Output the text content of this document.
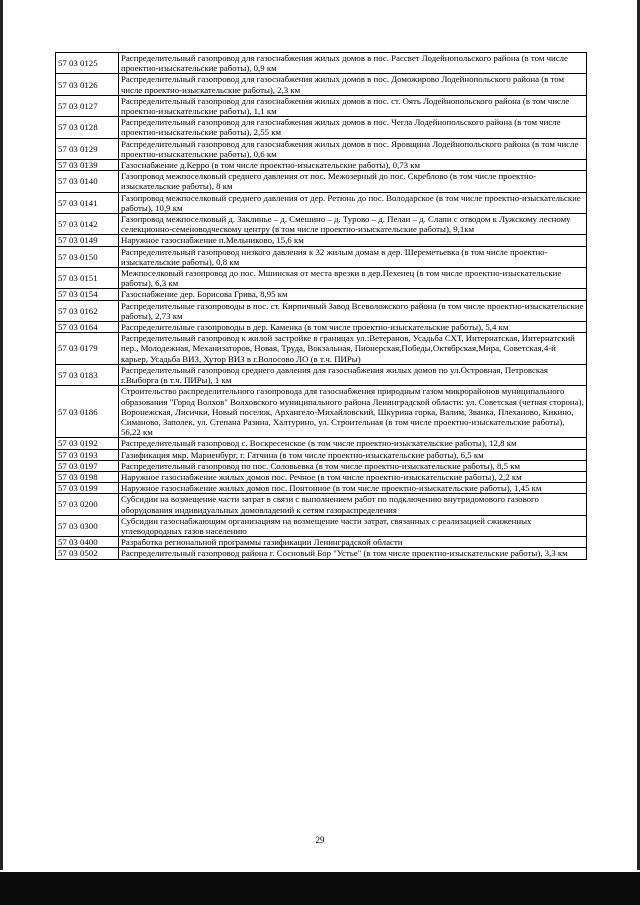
57 03 0125	Распределительный газопровод для газоснабжения жилых домов в пос. Рассвет Лодейнопольского района (в том числе проектно-изыскательские работы), 0,9 км
57 03 0126	Распределительный газопровод для газоснабжения жилых домов в пос. Доможирово Лодейнопольского района (в том числе проектно-изыскательские работы), 2,3 км
57 03 0127	Распределительный газопровод для газоснабжения жилых домов в пос. ст. Оять Лодейнопольского района (в том числе проектно-изыскательские работы), 1,1 км
57 03 0128	Распределительный газопровод для газоснабжения жилых домов в пос. Чегла Лодейнопольского района (в том числе проектно-изыскательские работы), 2,55 км
57 03 0129	Распределительный газопровод для газоснабжения жилых домов в пос. Яровщина Лодейнопольского района (в том числе проектно-изыскательские работы), 0,6 км
57 03 0139	Газоснабжение д.Керро (в том числе проектно-изыскательские работы), 0,73 км
57 03 0140	Газопровод межпоселковый среднего давления от пос. Межозерный до пос. Скреблово (в том числе проектно-изыскательские работы), 8 км
57 03 0141	Газопровод межпоселковый среднего давления от дер. Ретюнь до пос. Володарское (в том числе проектно-изыскательские работы), 10,9 км
57 03 0142	Газопровод межпоселковый д. Заклинье – д. Смешино – д. Турово – д. Пелаи – д. Слапи с отводом к Лужскому лесному селекционно-семеноводческому центру (в том числе проектно-изыскательские работы), 9,1км
57 03 0149	Наружное газоснабжение п.Мельниково, 15,6 км
57 03 0150	Распределительный газопровод низкого давления к 32 жилым домам в дер. Шереметьевка (в том числе проектно-изыскательские работы), 0,8 км
57 03 0151	Межпоселковый газопровод до пос. Мшинская от места врезки в дер.Пехенец (в том числе проектно-изыскательские работы), 6,3 км
57 03 0154	Газоснабжение дер. Борисова Грива, 8,95 км
57 03 0162	Распределительные газопроводы в пос. ст. Кирпичный Завод Всеволожского района (в том числе проектно-изыскательские работы), 2,73 км
57 03 0164	Распределительные газопроводы в дер. Каменка (в том числе проектно-изыскательские работы), 5,4 км
57 03 0179	Распределительный газопровод к жилой застройке в границах ул.:Ветеранов, Усадьба СХТ, Интернатская, Интернатский пер., Молодежная, Механизаторов, Новая, Труда, Вокзальная, Пионерская,Победы,Октябрская,Мира, Советская,4-й карьер, Усадьба ВИЗ, Хутор ВИЗ в г.Волосово ЛО (в т.ч. ПИРы)
57 03 0183	Распределительный газопровод среднего давления для газоснабжения жилых домов по ул.Островная, Петровская г.Выборга (в т.ч. ПИРы), 1 км
57 03 0186	Строительство распределительного газопровода для газоснабжения природным газом микрорайонов муниципального образования "Город Волхов" Волховского муниципального района Ленинградской области: ул. Советская (четная сторона), Воронежская, Лисички, Новый поселок, Архангело-Михайловский, Шкурина горка, Валим, Званка, Плеханово, Кикино, Симаново, Заполек, ул. Степана Разина, Халтурино, ул. Строительная (в том числе проектно-изыскательские работы), 56,22 км
57 03 0192	Распределительный газопровод с. Воскресенское (в том числе проектно-изыскательские работы), 12,8 км
57 03 0193	Газификация мкр. Мариенбург, г. Гатчина (в том числе проектно-изыскательские работы), 6,5 км
57 03 0197	Распределительный газопровод по пос. Соловьевка (в том числе проектно-изыскательские работы), 8,5 км
57 03 0198	Наружное газоснабжение жилых домов пос. Речное (в том числе проектно-изыскательские работы), 2,2 км
57 03 0199	Наружное газоснабжение жилых домов пос. Понтонное (в том числе проектно-изыскательские работы), 1,45 км
57 03 0200	Субсидии на возмещение части затрат в связи с выполнением работ по подключению внутридомового газового оборудования индивидуальных домовладений к сетям газораспределения
57 03 0300	Субсидии газоснабжающим организациям на возмещение части затрат, связанных с реализацией сжиженных углеводородных газов населению
57 03 0400	Разработка региональной программы газификации Ленинградской области
57 03 0502	Распределительный газопровод района г. Сосновый Бор "Устье" (в том числе проектно-изыскательские работы), 3,3 км
29
